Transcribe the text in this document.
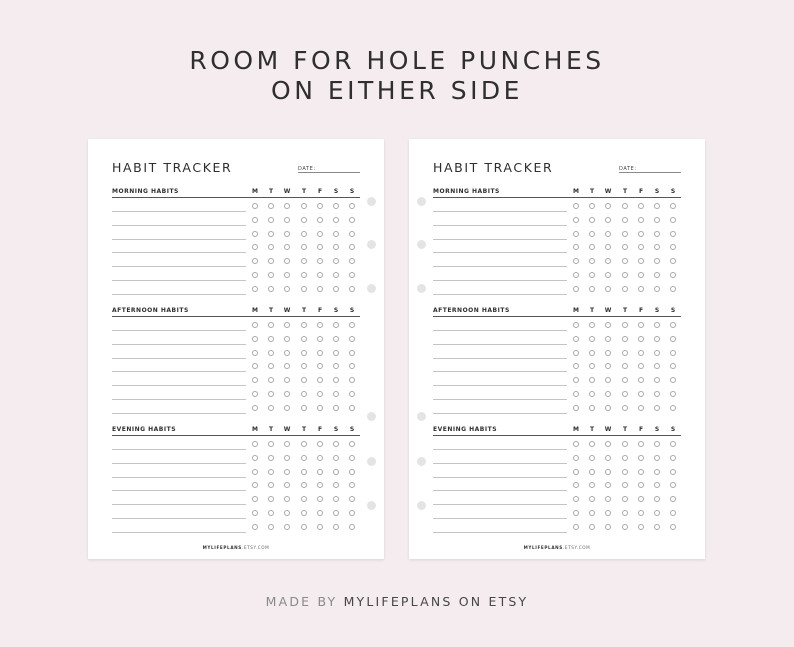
ROOM FOR HOLE PUNCHES
ON EITHER SIDE
HABIT TRACKER	DATE:
MORNING HABITS	M	T	W	T	F	S	S
AFTERNOON HABITS	M	T	W	T	F	S	S
EVENING HABITS	M	T	W	T	F	S	S
MYLIFEPLANS.ETSY.COM
HABIT TRACKER	DATE:
MORNING HABITS	M	T	W	T	F	S	S
AFTERNOON HABITS	M	T	W	T	F	S	S
EVENING HABITS	M	T	W	T	F	S	S
MYLIFEPLANS.ETSY.COM
MADE BY MYLIFEPLANS ON ETSY
